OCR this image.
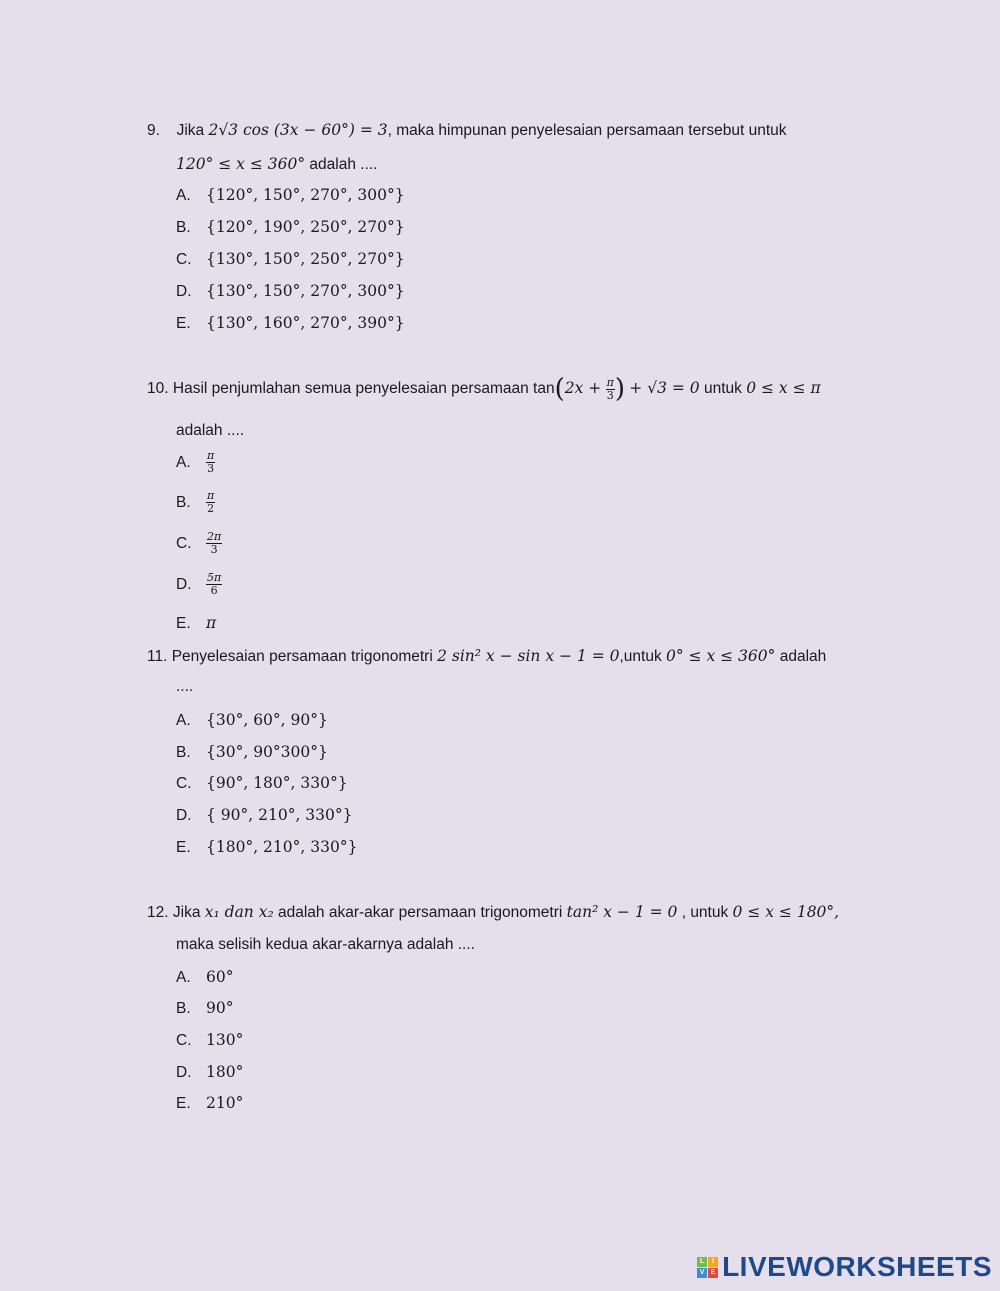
9. Jika 2√3 cos (3x − 60°) = 3, maka himpunan penyelesaian persamaan tersebut untuk
120° ≤ x ≤ 360° adalah ....
A. {120°, 150°, 270°, 300°}
B. {120°, 190°, 250°, 270°}
C. {130°, 150°, 250°, 270°}
D. {130°, 150°, 270°, 300°}
E. {130°, 160°, 270°, 390°}
10. Hasil penjumlahan semua penyelesaian persamaan $\tan(2x + \frac{\pi}{3}$ ) + √3 = 0 untuk 0 ≤ x ≤ π
adalah ....
A. $\frac{\pi}{3}$
B. $\frac{\pi}{2}$
C. $\frac{2\pi}{3}$
D. $\frac{5\pi}{6}$
E. π
11. Penyelesaian persamaan trigonometri 2 sin² x − sin x − 1 = 0,untuk 0° ≤ x ≤ 360° adalah
....
A. {30°, 60°, 90°}
B. {30°, 90°300°}
C. {90°, 180°, 330°}
D. { 90°, 210°, 330°}
E. {180°, 210°, 330°}
12. Jika x₁ dan x₂ adalah akar-akar persamaan trigonometri tan² x − 1 = 0 , untuk 0 ≤ x ≤ 180°,
maka selisih kedua akar-akarnya adalah ....
A. 60°
B. 90°
C. 130°
D. 180°
E. 210°
L	I
V E LIVEWORKSHEETS
